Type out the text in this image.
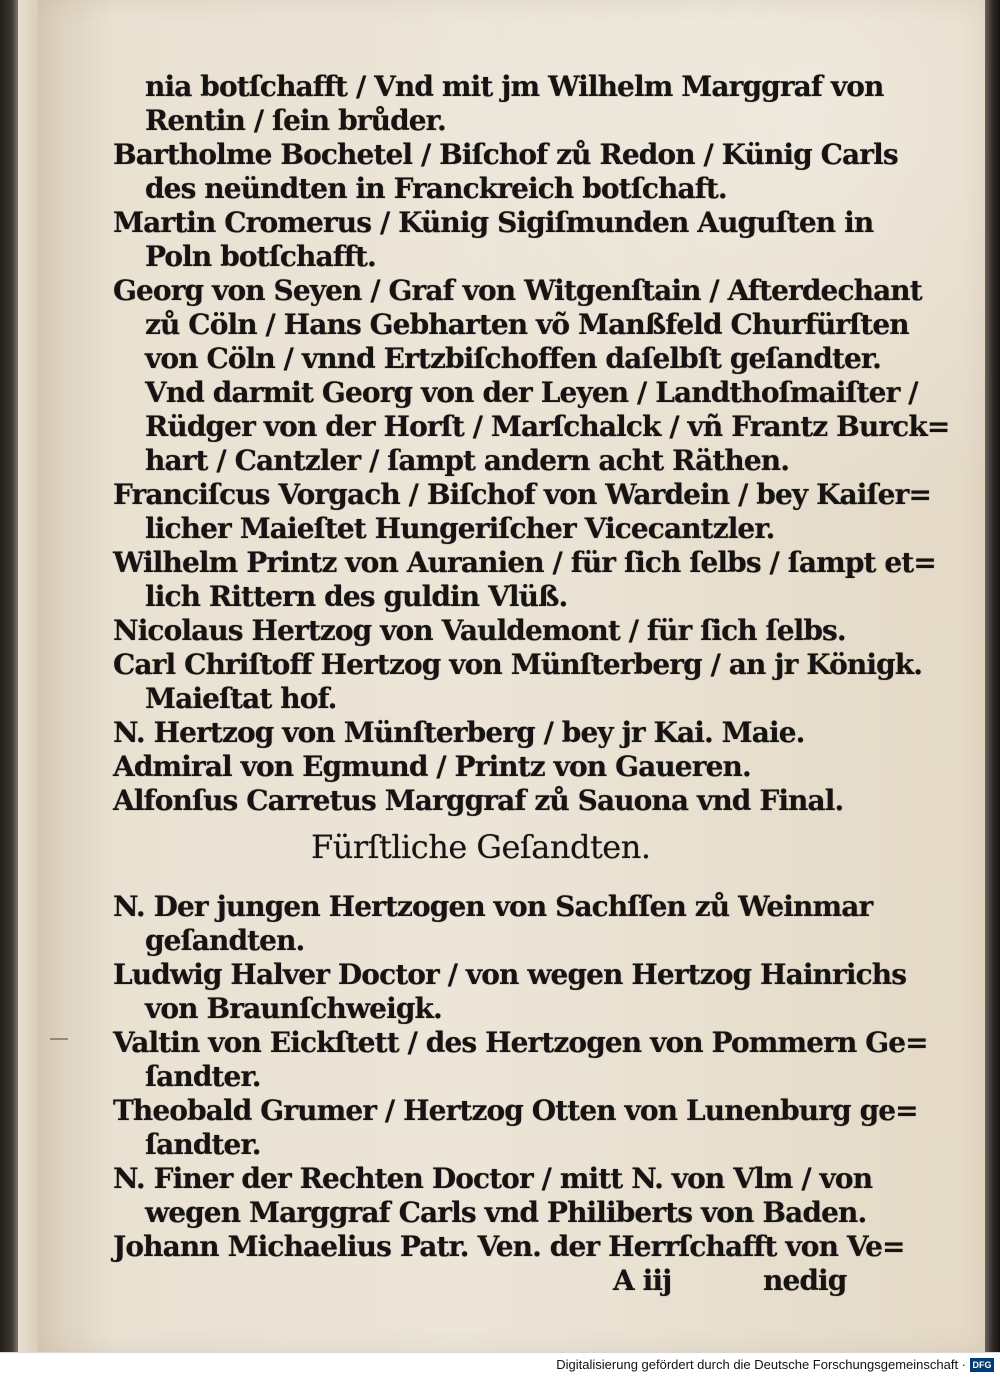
nia botſchafft / Vnd mit jm Wilhelm Marggraf von
Rentin / ſein brůder.
Bartholme Bochetel / Biſchof zů Redon / Künig Carls
des neündten in Franckreich botſchaft.
Martin Cromerus / Künig Sigiſmunden Auguſten in
Poln botſchafft.
Georg von Seyen / Graf von Witgenſtain / Afterdechant
zů Cöln / Hans Gebharten võ Manßfeld Churfürſten
von Cöln / vnnd Ertzbiſchoffen daſelbſt geſandter.
Vnd darmit Georg von der Leyen / Landthoſmaiſter /
Rüdger von der Horſt / Marſchalck / vñ Frantz Burck=
hart / Cantzler / ſampt andern acht Räthen.
Franciſcus Vorgach / Biſchof von Wardein / bey Kaiſer=
licher Maieſtet Hungeriſcher Vicecantzler.
Wilhelm Printz von Auranien / für ſich ſelbs / ſampt et=
lich Rittern des guldin Vlüß.
Nicolaus Hertzog von Vauldemont / für ſich ſelbs.
Carl Chriſtoff Hertzog von Münſterberg / an jr Königk.
Maieſtat hof.
N. Hertzog von Münſterberg / bey jr Kai. Maie.
Admiral von Egmund / Printz von Gaueren.
Alfonſus Carretus Marggraf zů Sauona vnd Final.
Fürſtliche Geſandten.
N. Der jungen Hertzogen von Sachſſen zů Weinmar
geſandten.
Ludwig Halver Doctor / von wegen Hertzog Hainrichs
von Braunſchweigk.
Valtin von Eickſtett / des Hertzogen von Pommern Ge=
ſandter.
Theobald Grumer / Hertzog Otten von Lunenburg ge=
ſandter.
N. Finer der Rechten Doctor / mitt N. von Vlm / von
wegen Marggraf Carls vnd Philiberts von Baden.
Johann Michaelius Patr. Ven. der Herrſchafft von Ve=
A iij	nedig
Digitalisierung gefördert durch die Deutsche Forschungsgemeinschaft · DFG
